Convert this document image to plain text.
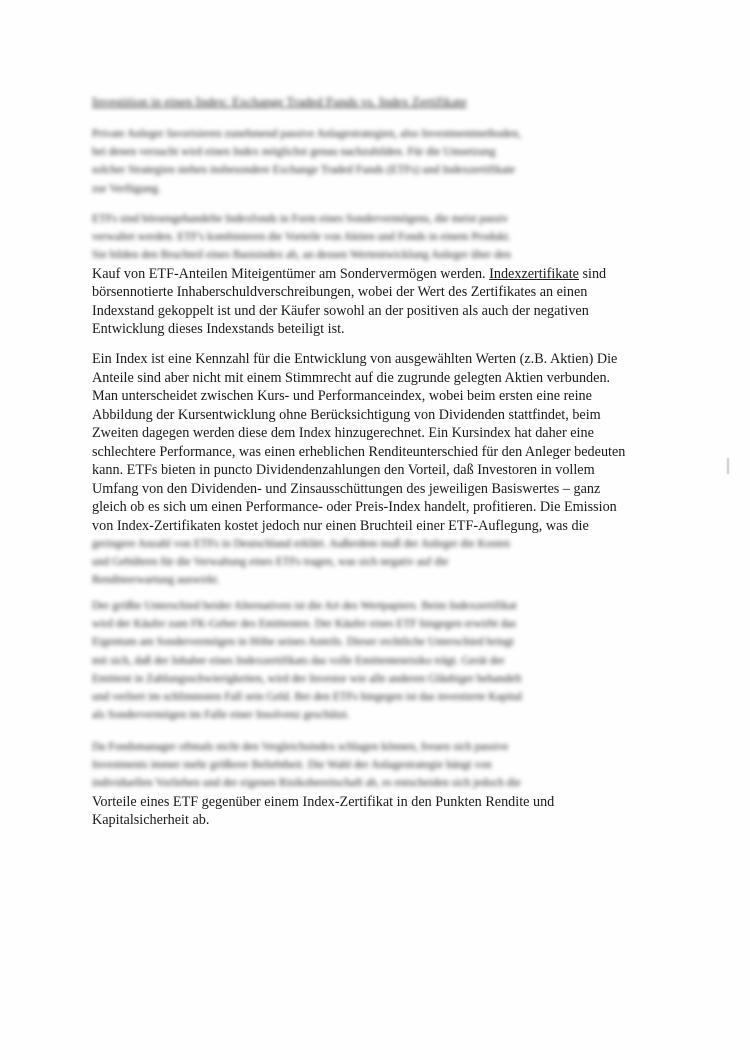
Investition in einen Index: Exchange Traded Funds vs. Index Zertifikate
Private Anleger favorisieren zunehmend passive Anlagestrategien, also Investmentmethoden,
bei denen versucht wird einen Index möglichst genau nachzubilden. Für die Umsetzung
solcher Strategien stehen insbesondere Exchange Traded Funds (ETFs) und Indexzertifikate
zur Verfügung.
ETFs sind börsengehandelte Indexfonds in Form eines Sondervermögens, die meist passiv
verwaltet werden. ETF's kombinieren die Vorteile von Aktien und Fonds in einem Produkt.
Sie bilden den Bruchteil eines Basisindex ab, an dessen Wertentwicklung Anleger über den
Kauf von ETF-Anteilen Miteigentümer am Sondervermögen werden. Indexzertifikate sind
börsennotierte Inhaberschuldverschreibungen, wobei der Wert des Zertifikates an einen
Indexstand gekoppelt ist und der Käufer sowohl an der positiven als auch der negativen
Entwicklung dieses Indexstands beteiligt ist.
Ein Index ist eine Kennzahl für die Entwicklung von ausgewählten Werten (z.B. Aktien) Die
Anteile sind aber nicht mit einem Stimmrecht auf die zugrunde gelegten Aktien verbunden.
Man unterscheidet zwischen Kurs- und Performanceindex, wobei beim ersten eine reine
Abbildung der Kursentwicklung ohne Berücksichtigung von Dividenden stattfindet, beim
Zweiten dagegen werden diese dem Index hinzugerechnet. Ein Kursindex hat daher eine
schlechtere Performance, was einen erheblichen Renditeunterschied für den Anleger bedeuten
kann. ETFs bieten in puncto Dividendenzahlungen den Vorteil, daß Investoren in vollem
Umfang von den Dividenden- und Zinsausschüttungen des jeweiligen Basiswertes – ganz
gleich ob es sich um einen Performance- oder Preis-Index handelt, profitieren. Die Emission
von Index-Zertifikaten kostet jedoch nur einen Bruchteil einer ETF-Auflegung, was die
geringere Anzahl von ETFs in Deutschland erklärt. Außerdem muß der Anleger die Kosten
und Gebühren für die Verwaltung eines ETFs tragen, was sich negativ auf die
Renditeerwartung auswirkt.
Der größte Unterschied beider Alternativen ist die Art des Wertpapiers. Beim Indexzertifikat
wird der Käufer zum FK-Geber des Emittenten. Der Käufer eines ETF hingegen erwirbt das
Eigentum am Sondervermögen in Höhe seines Anteils. Dieser rechtliche Unterschied bringt
mit sich, daß der Inhaber eines Indexzertifikats das volle Emittentenrisiko trägt. Gerät der
Emittent in Zahlungsschwierigkeiten, wird der Investor wie alle anderen Gläubiger behandelt
und verliert im schlimmsten Fall sein Geld. Bei den ETFs hingegen ist das investierte Kapital
als Sondervermögen im Falle einer Insolvenz geschützt.
Da Fondsmanager oftmals nicht den Vergleichsindex schlagen können, freuen sich passive
Investments immer mehr größerer Beliebtheit. Die Wahl der Anlagestrategie hängt von
individuellen Vorlieben und der eigenen Risikobereitschaft ab, es entscheiden sich jedoch die
Vorteile eines ETF gegenüber einem Index-Zertifikat in den Punkten Rendite und
Kapitalsicherheit ab.
